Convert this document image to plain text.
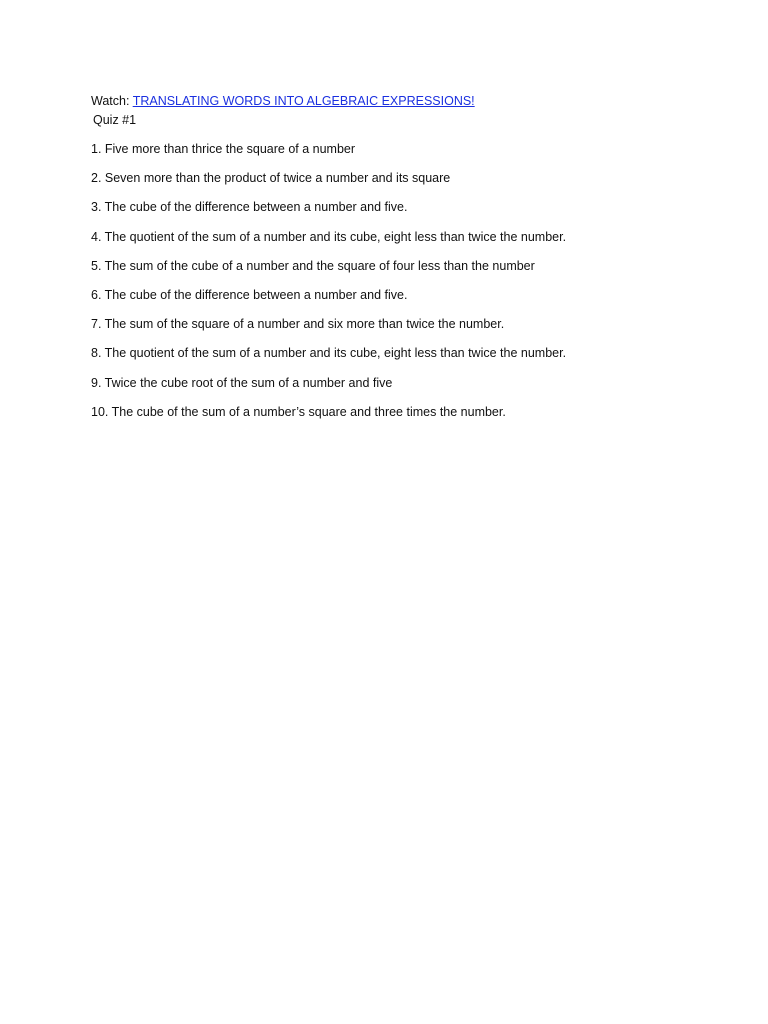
Watch: TRANSLATING WORDS INTO ALGEBRAIC EXPRESSIONS!
Quiz #1
1. Five more than thrice the square of a number
2. Seven more than the product of twice a number and its square
3. The cube of the difference between a number and five.
4. The quotient of the sum of a number and its cube, eight less than twice the number.
5. The sum of the cube of a number and the square of four less than the number
6. The cube of the difference between a number and five.
7. The sum of the square of a number and six more than twice the number.
8. The quotient of the sum of a number and its cube, eight less than twice the number.
9. Twice the cube root of the sum of a number and five
10. The cube of the sum of a number’s square and three times the number.
